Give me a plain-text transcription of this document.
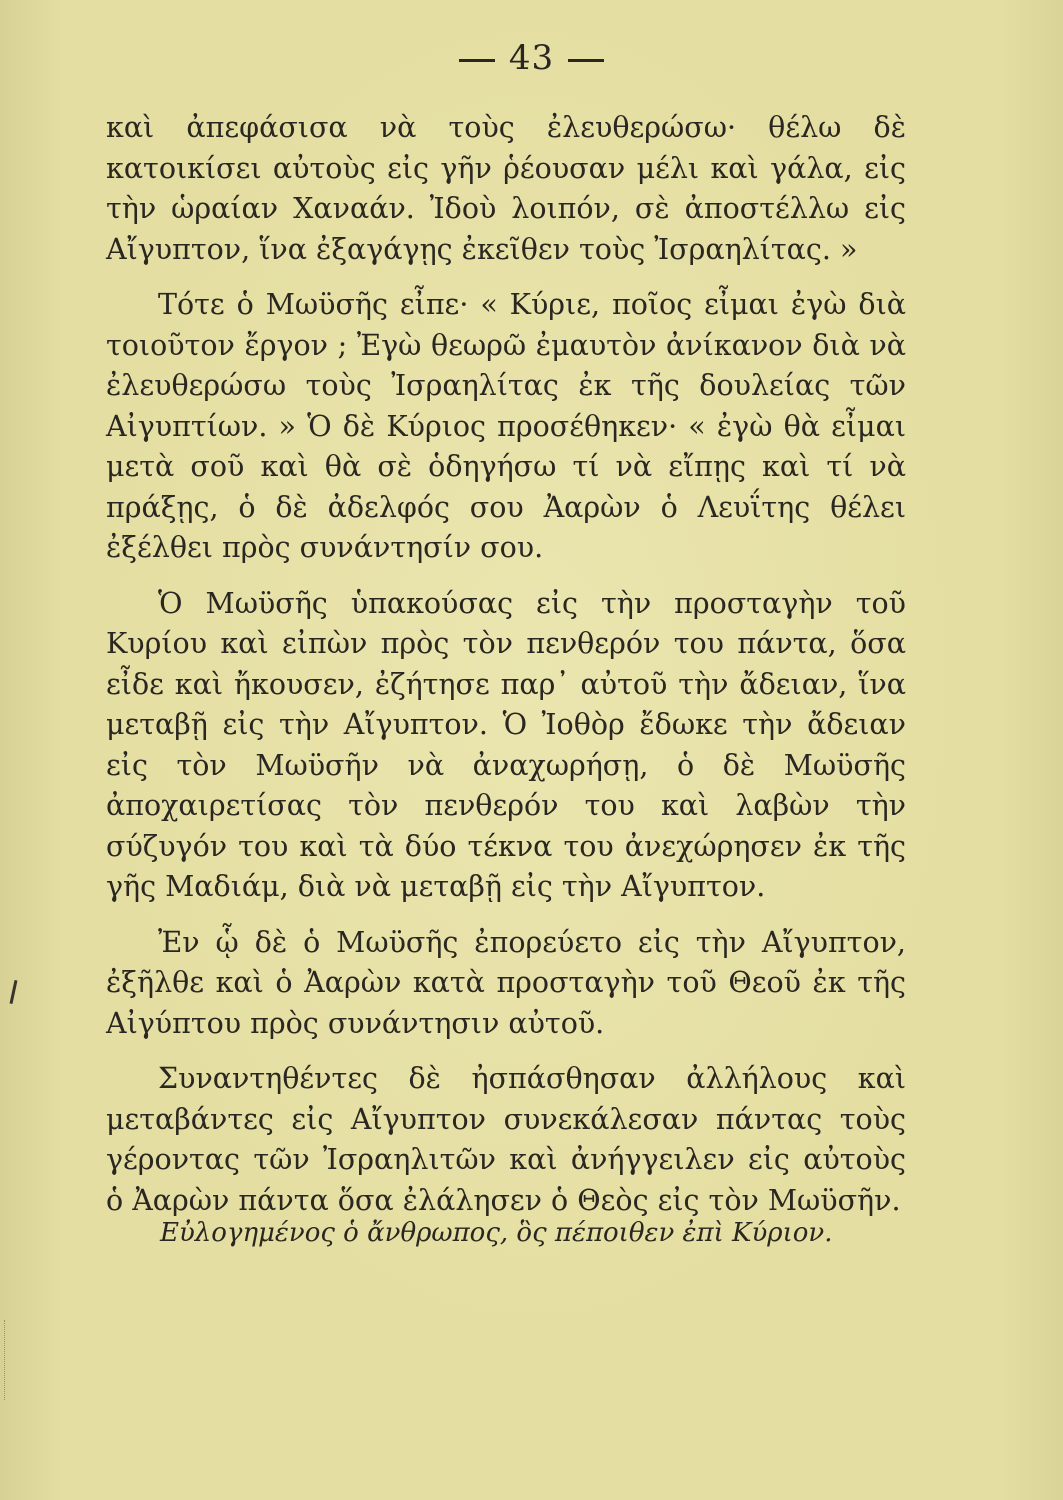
43

καὶ ἀπεφάσισα νὰ τοὺς ἐλευθερώσω· θέλω δὲ κατοικίσει αὐτοὺς εἰς γῆν ῥέουσαν μέλι καὶ γάλα, εἰς τὴν ὡραίαν Χαναάν. Ἰδοὺ λοιπόν, σὲ ἀποστέλλω εἰς Αἴγυπτον, ἵνα ἐξαγάγῃς ἐκεῖθεν τοὺς Ἰσραηλίτας. »

Τότε ὁ Μωϋσῆς εἶπε· « Κύριε, ποῖος εἶμαι ἐγὼ διὰ τοιοῦτον ἔργον ; Ἐγὼ θεωρῶ ἐμαυτὸν ἀνίκανον διὰ νὰ ἐλευθερώσω τοὺς Ἰσραηλίτας ἐκ τῆς δουλείας τῶν Αἰγυπτίων. » Ὁ δὲ Κύριος προσέθηκεν· « ἐγὼ θὰ εἶμαι μετὰ σοῦ καὶ θὰ σὲ ὁδηγήσω τί νὰ εἴπῃς καὶ τί νὰ πράξῃς, ὁ δὲ ἀδελφός σου Ἀαρὼν ὁ Λευΐτης θέλει ἐξέλθει πρὸς συνάντησίν σου.

Ὁ Μωϋσῆς ὑπακούσας εἰς τὴν προσταγὴν τοῦ Κυρίου καὶ εἰπὼν πρὸς τὸν πενθερόν του πάντα, ὅσα εἶδε καὶ ἤκουσεν, ἐζήτησε παρ᾽ αὐτοῦ τὴν ἄδειαν, ἵνα μεταβῇ εἰς τὴν Αἴγυπτον. Ὁ Ἰοθὸρ ἔδωκε τὴν ἄδειαν εἰς τὸν Μωϋσῆν νὰ ἀναχωρήσῃ, ὁ δὲ Μωϋσῆς ἀποχαιρετίσας τὸν πενθερόν του καὶ λαβὼν τὴν σύζυγόν του καὶ τὰ δύο τέκνα του ἀνεχώρησεν ἐκ τῆς γῆς Μαδιάμ, διὰ νὰ μεταβῇ εἰς τὴν Αἴγυπτον.

Ἐν ᾧ δὲ ὁ Μωϋσῆς ἐπορεύετο εἰς τὴν Αἴγυπτον, ἐξῆλθε καὶ ὁ Ἀαρὼν κατὰ προσταγὴν τοῦ Θεοῦ ἐκ τῆς Αἰγύπτου πρὸς συνάντησιν αὐτοῦ.

Συναντηθέντες δὲ ἠσπάσθησαν ἀλλήλους καὶ μεταβάντες εἰς Αἴγυπτον συνεκάλεσαν πάντας τοὺς γέροντας τῶν Ἰσραηλιτῶν καὶ ἀνήγγειλεν εἰς αὐτοὺς ὁ Ἀαρὼν πάντα ὅσα ἐλάλησεν ὁ Θεὸς εἰς τὸν Μωϋσῆν.

Εὐλογημένος ὁ ἄνθρωπος, ὃς πέποιθεν ἐπὶ Κύριον.
